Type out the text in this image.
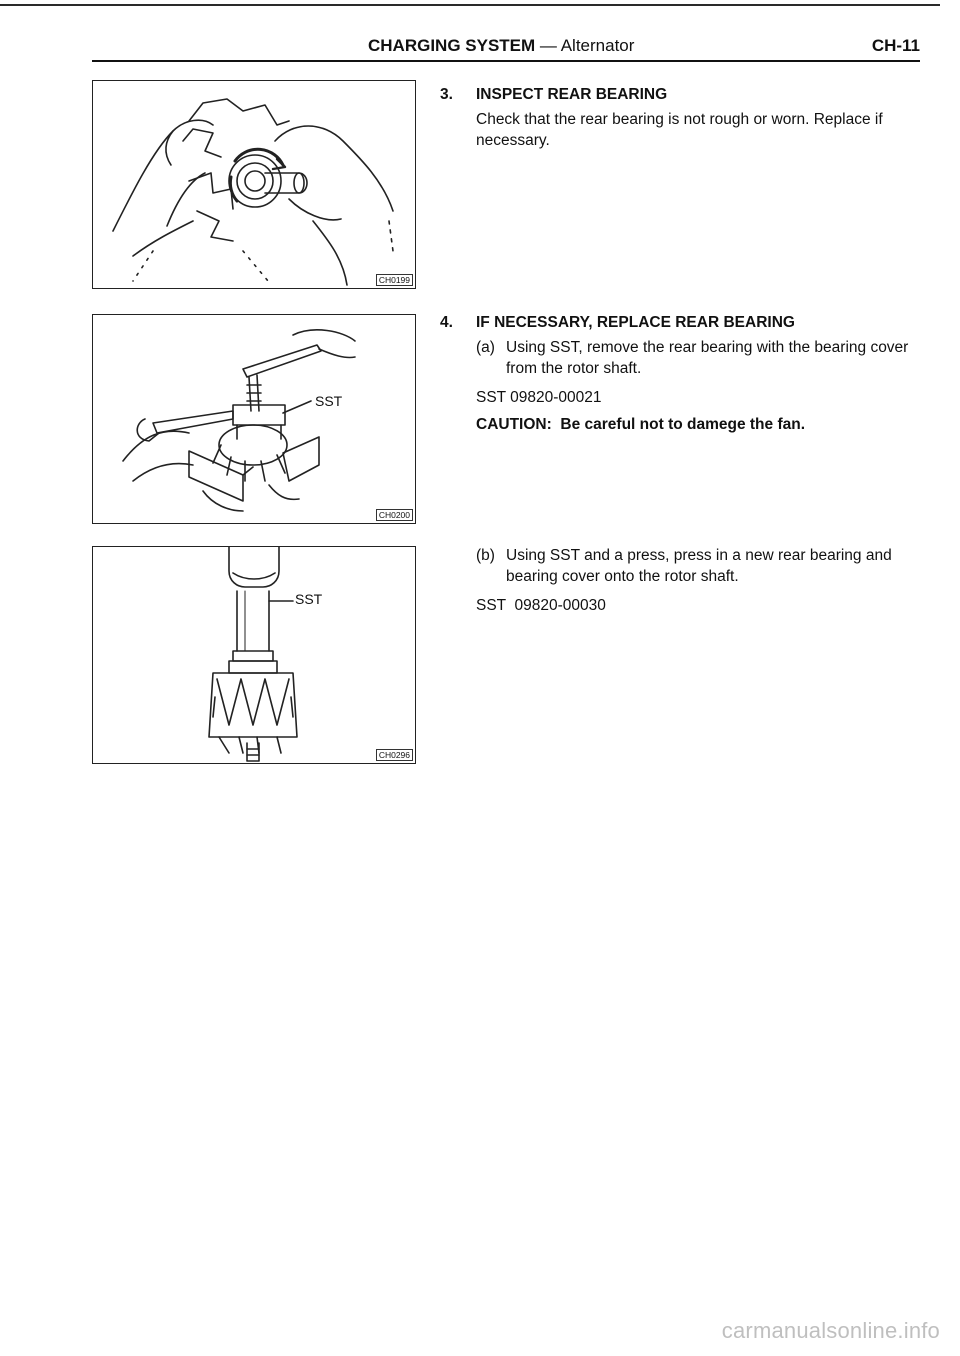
CHARGING SYSTEM — Alternator	CH-11
CH0199
SST
CH0200
SST
CH0296
3. INSPECT REAR BEARING

Check that the rear bearing is not rough or worn. Replace if necessary.

4. IF NECESSARY, REPLACE REAR BEARING
(a) Using SST, remove the rear bearing with the bearing cover from the rotor shaft.
SST 09820-00021
CAUTION: Be careful not to damege the fan.
(b) Using SST and a press, press in a new rear bearing and bearing cover onto the rotor shaft.
SST  09820-00030
carmanualsonline.info
